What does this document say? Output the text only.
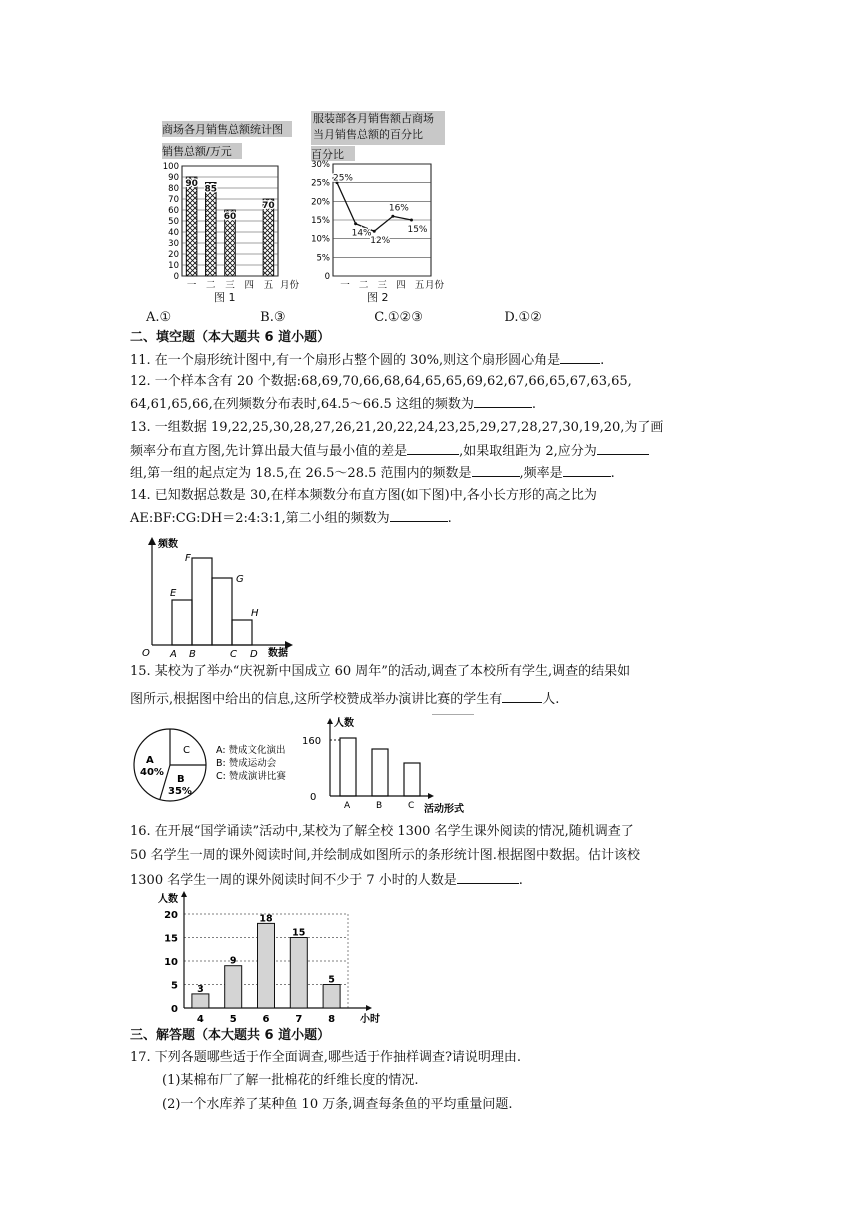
商场各月销售总额统计图
销售总额/万元
0
10
20
30
40
50
60
70
80
90
100
90
一
85
二
60
三 四
70
五 月份
图 1
服装部各月销售额占商场
当月销售总额的百分比
百分比
0
5%
10%
15%
20%
25%
30%
25%
14%
12%
16%
15%
一 二 三 四 五 月份
图 2
A.①	B.③	C.①②③	D.①②
二、填空题（本大题共 6 道小题）
11. 在一个扇形统计图中,有一个扇形占整个圆的 30%,则这个扇形圆心角是	.
12. 一个样本含有 20 个数据:68,69,70,66,68,64,65,65,69,62,67,66,65,67,63,65,
64,61,65,66,在列频数分布表时,64.5～66.5 这组的频数为	.
13. 一组数据 19,22,25,30,28,27,26,21,20,22,24,23,25,29,27,28,27,30,19,20,为了画
频率分布直方图,先计算出最大值与最小值的差是	,如果取组距为 2,应分为
组,第一组的起点定为 18.5,在 26.5～28.5 范围内的频数是	,频率是	.
14. 已知数据总数是 30,在样本频数分布直方图(如下图)中,各小长方形的高之比为
AE:BF:CG:DH＝2:4:3:1,第二小组的频数为	.
频数
数据
O A B	C D
E
F
G
H
15. 某校为了举办“庆祝新中国成立 60 周年”的活动,调查了本校所有学生,调查的结果如
图所示,根据图中给出的信息,这所学校赞成举办演讲比赛的学生有	人.
C
A
40%
B
35%
A: 赞成文化演出
B: 赞成运动会
C: 赞成演讲比赛
人数
160
0
A	B	C 活动形式
16. 在开展“国学诵读”活动中,某校为了解全校 1300 名学生课外阅读的情况,随机调查了
50 名学生一周的课外阅读时间,并绘制成如图所示的条形统计图.根据图中数据。估计该校
1300 名学生一周的课外阅读时间不少于 7 小时的人数是	.
0
5
10
15
20
人数
3
4
9
5
18
6
15
7
5
8 小时
三、解答题（本大题共 6 道小题）
17. 下列各题哪些适于作全面调查,哪些适于作抽样调查?请说明理由.
(1)某棉布厂了解一批棉花的纤维长度的情况.
(2)一个水库养了某种鱼 10 万条,调查每条鱼的平均重量问题.
